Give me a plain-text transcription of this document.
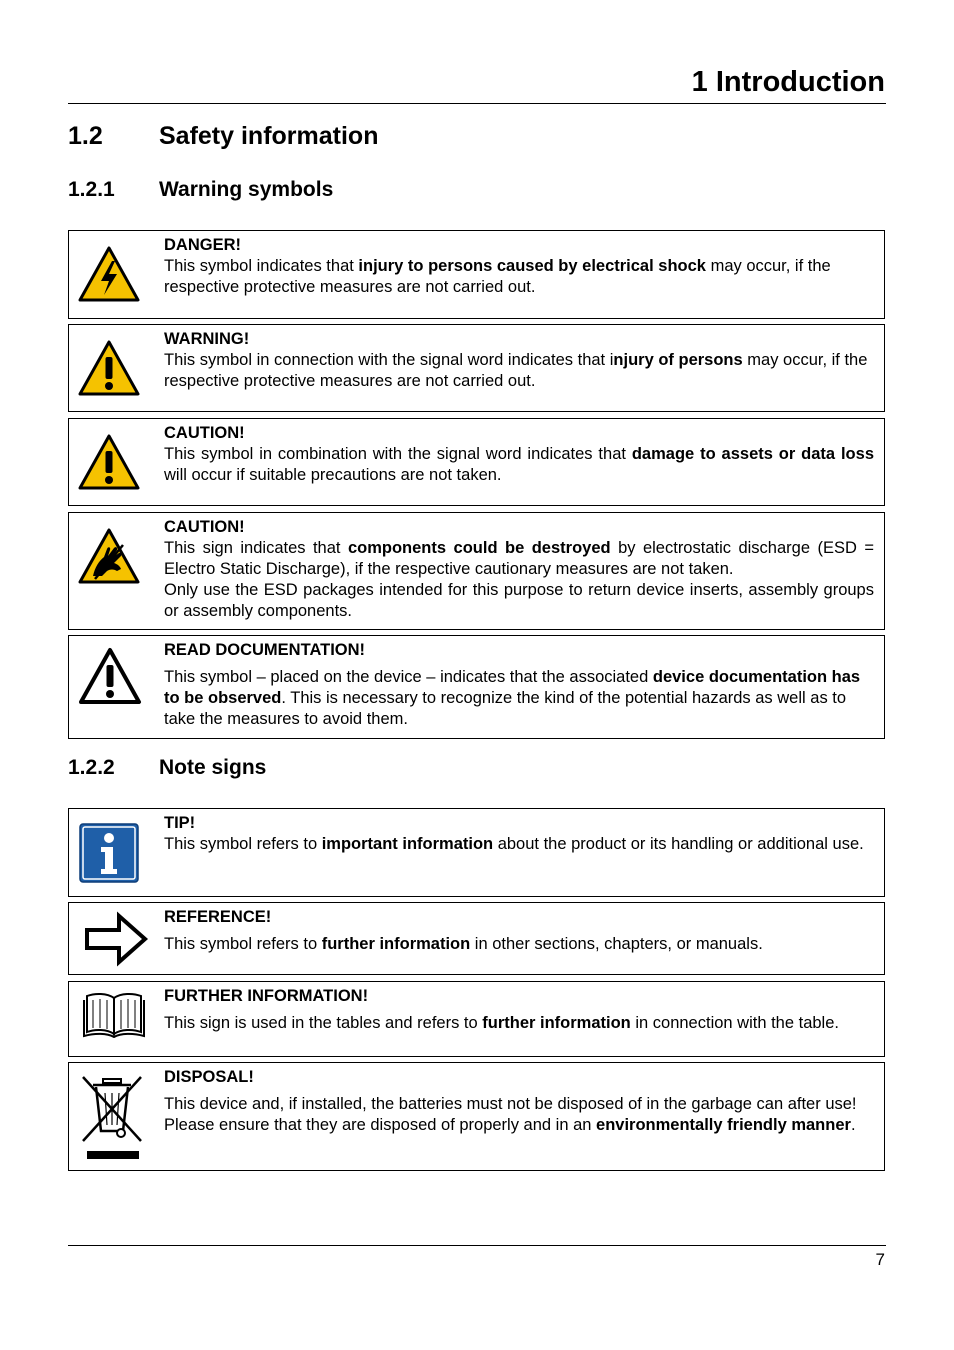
1 Introduction
1.2 Safety information
1.2.1 Warning symbols
DANGER!
This symbol indicates that injury to persons caused by electrical shock may occur, if the respective protective measures are not carried out.
WARNING!
This symbol in connection with the signal word indicates that injury of persons may occur, if the respective protective measures are not carried out.
CAUTION!
This symbol in combination with the signal word indicates that damage to assets or data loss will occur if suitable precautions are not taken.
CAUTION!
This sign indicates that components could be destroyed by electrostatic discharge (ESD = Electro Static Discharge), if the respective cautionary measures are not taken.
Only use the ESD packages intended for this purpose to return device inserts, assembly groups or assembly components.
READ DOCUMENTATION!
This symbol – placed on the device – indicates that the associated device documentation has to be observed. This is necessary to recognize the kind of the potential hazards as well as to take the measures to avoid them.
1.2.2 Note signs
TIP!
This symbol refers to important information about the product or its handling or additional use.
REFERENCE!
This symbol refers to further information in other sections, chapters, or manuals.
FURTHER INFORMATION!
This sign is used in the tables and refers to further information in connection with the table.
DISPOSAL!
This device and, if installed, the batteries must not be disposed of in the garbage can after use! Please ensure that they are disposed of properly and in an environmentally friendly manner.
7
